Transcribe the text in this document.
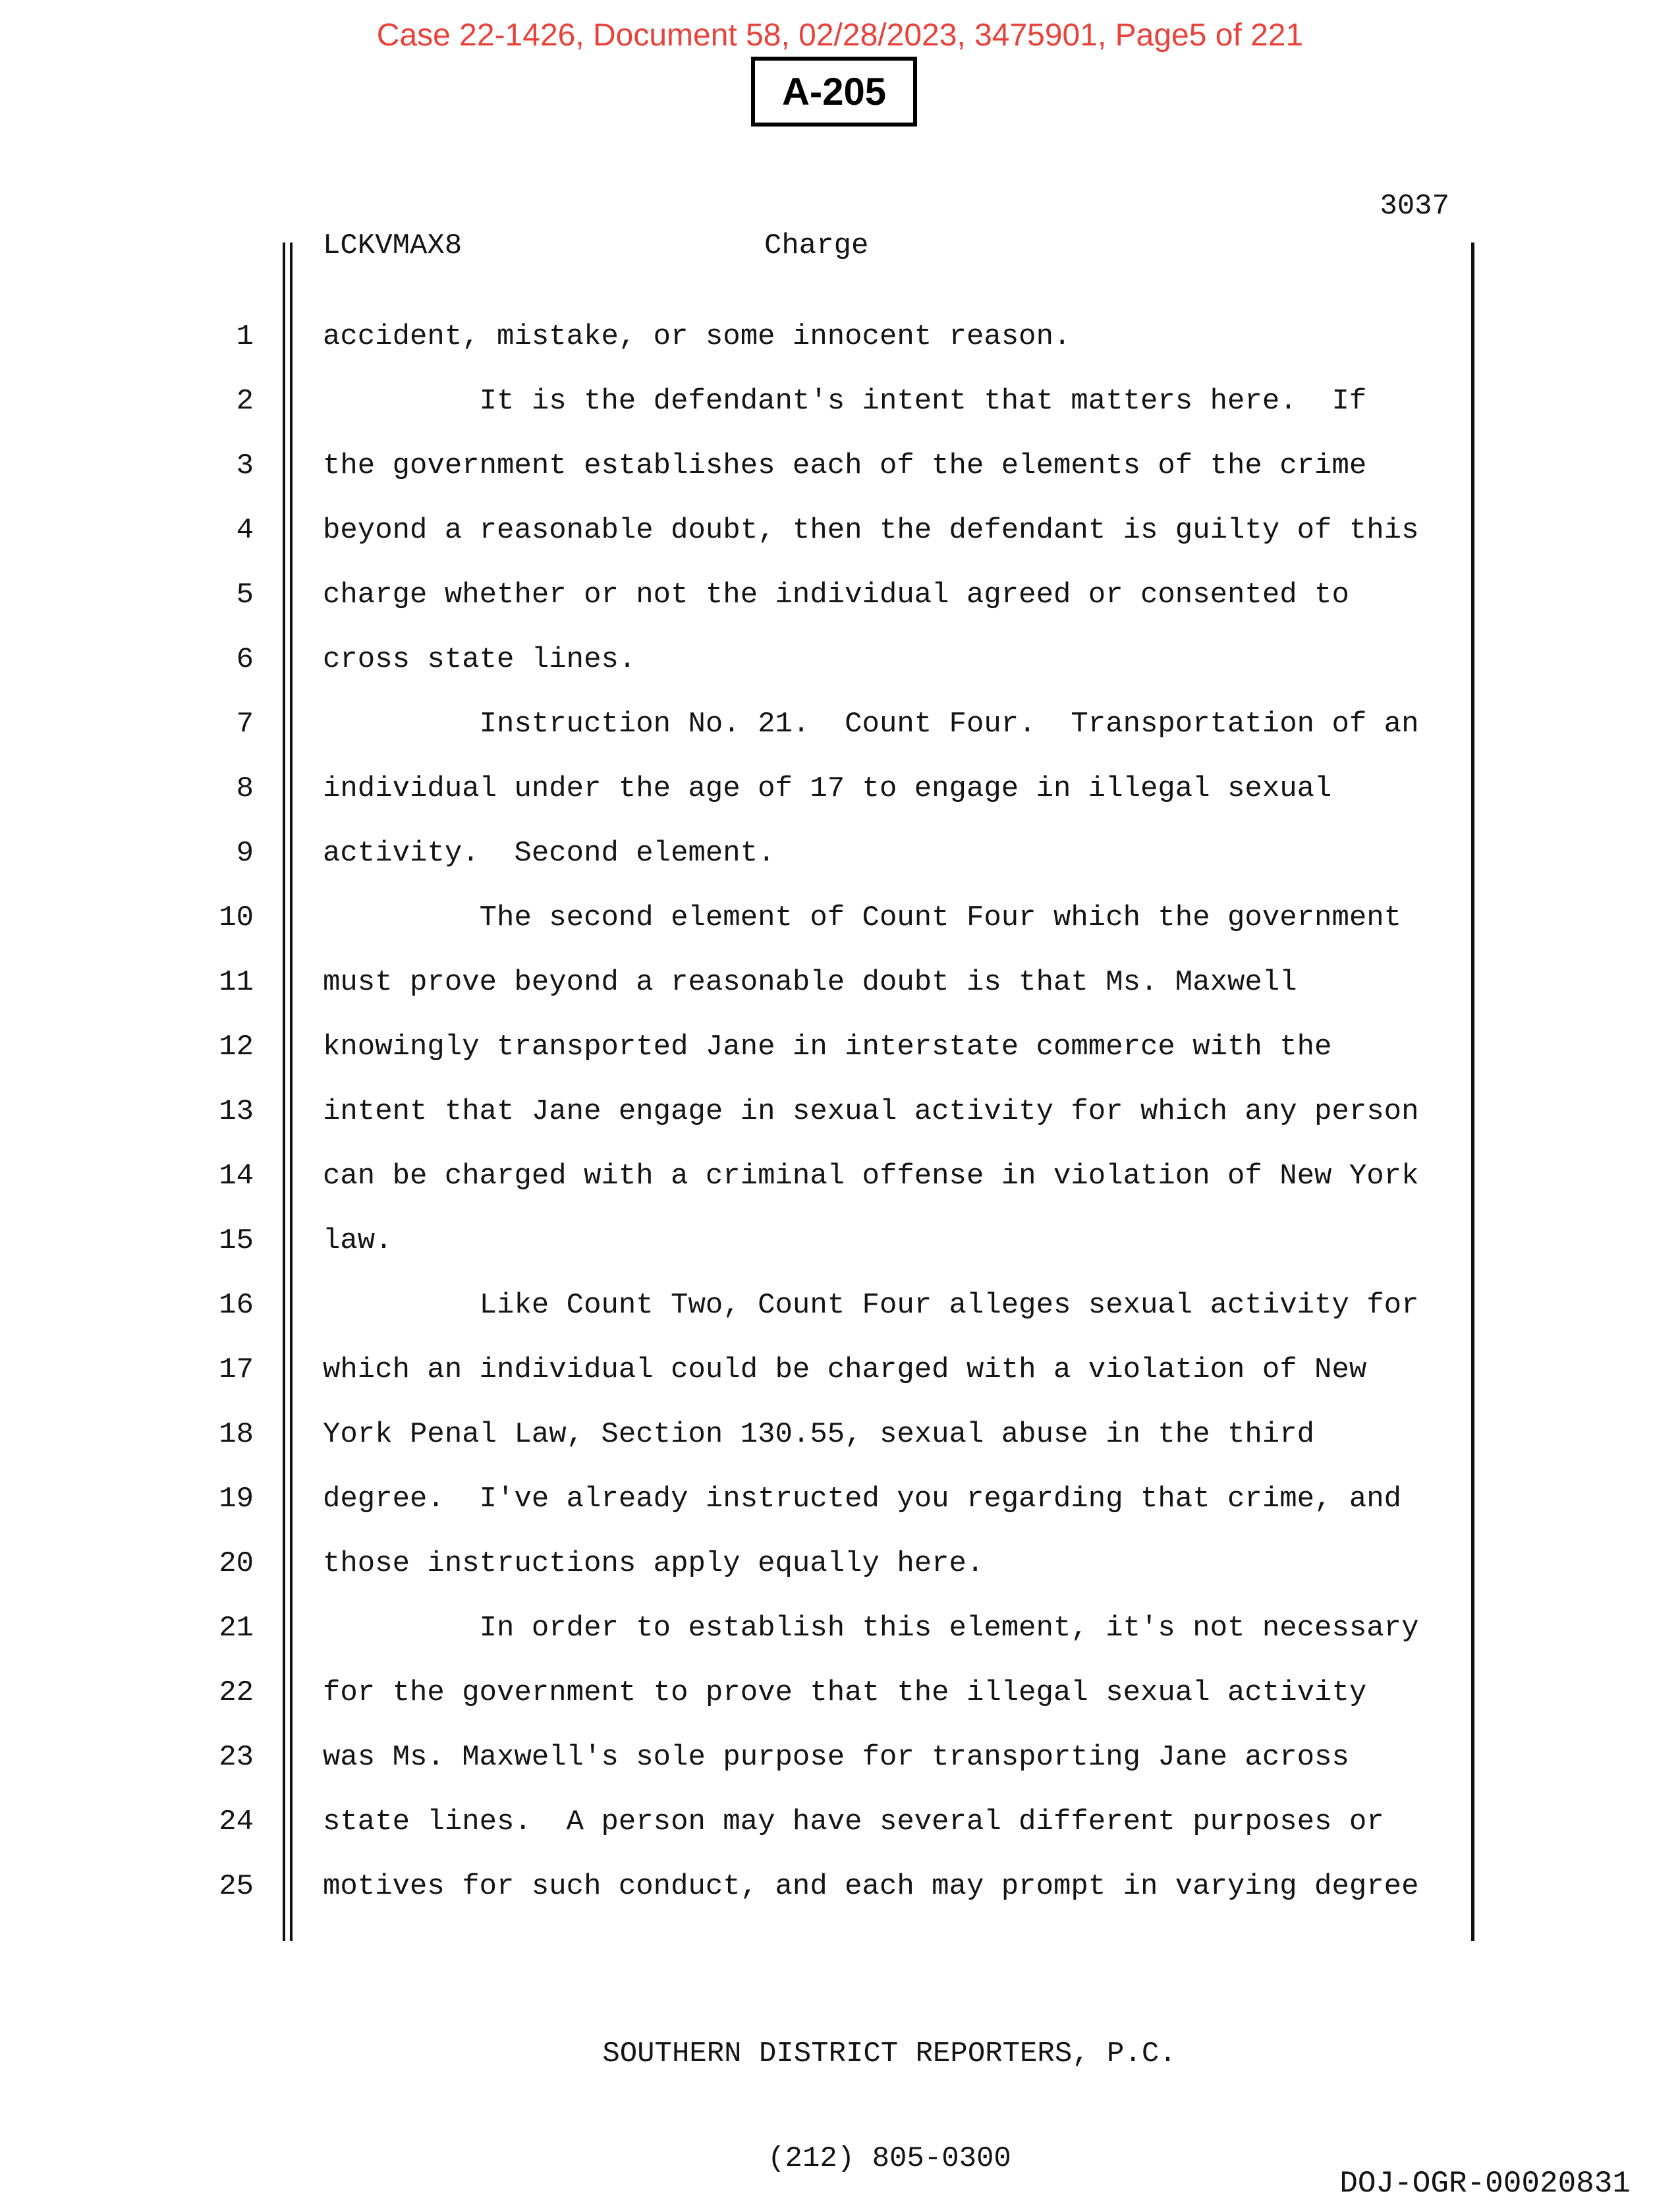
Case 22-1426, Document 58, 02/28/2023, 3475901, Page5 of 221
A-205
3037
LCKVMAX8	Charge
1 accident, mistake, or some innocent reason.
2 It is the defendant's intent that matters here.  If
3 the government establishes each of the elements of the crime
4 beyond a reasonable doubt, then the defendant is guilty of this
5 charge whether or not the individual agreed or consented to
6 cross state lines.
7 Instruction No. 21.  Count Four.  Transportation of an
8 individual under the age of 17 to engage in illegal sexual
9 activity.  Second element.
10 The second element of Count Four which the government
11 must prove beyond a reasonable doubt is that Ms. Maxwell
12 knowingly transported Jane in interstate commerce with the
13 intent that Jane engage in sexual activity for which any person
14 can be charged with a criminal offense in violation of New York
15 law.
16 Like Count Two, Count Four alleges sexual activity for
17 which an individual could be charged with a violation of New
18 York Penal Law, Section 130.55, sexual abuse in the third
19 degree.  I've already instructed you regarding that crime, and
20 those instructions apply equally here.
21 In order to establish this element, it's not necessary
22 for the government to prove that the illegal sexual activity
23 was Ms. Maxwell's sole purpose for transporting Jane across
24 state lines.  A person may have several different purposes or
25 motives for such conduct, and each may prompt in varying degree

SOUTHERN DISTRICT REPORTERS, P.C.

(212) 805-0300

DOJ-OGR-00020831
